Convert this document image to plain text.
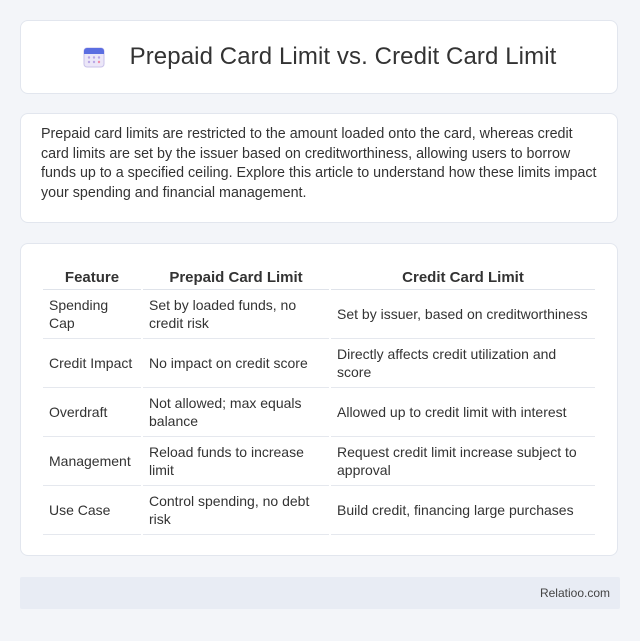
Prepaid Card Limit vs. Credit Card Limit

Prepaid card limits are restricted to the amount loaded onto the card, whereas credit card limits are set by the issuer based on creditworthiness, allowing users to borrow funds up to a specified ceiling. Explore this article to understand how these limits impact your spending and financial management.

Feature	Prepaid Card Limit	Credit Card Limit
Spending Cap	Set by loaded funds, no credit risk	Set by issuer, based on creditworthiness
Credit Impact	No impact on credit score	Directly affects credit utilization and score
Overdraft	Not allowed; max equals balance	Allowed up to credit limit with interest
Management	Reload funds to increase limit	Request credit limit increase subject to approval
Use Case	Control spending, no debt risk	Build credit, financing large purchases
Relatioo.com
